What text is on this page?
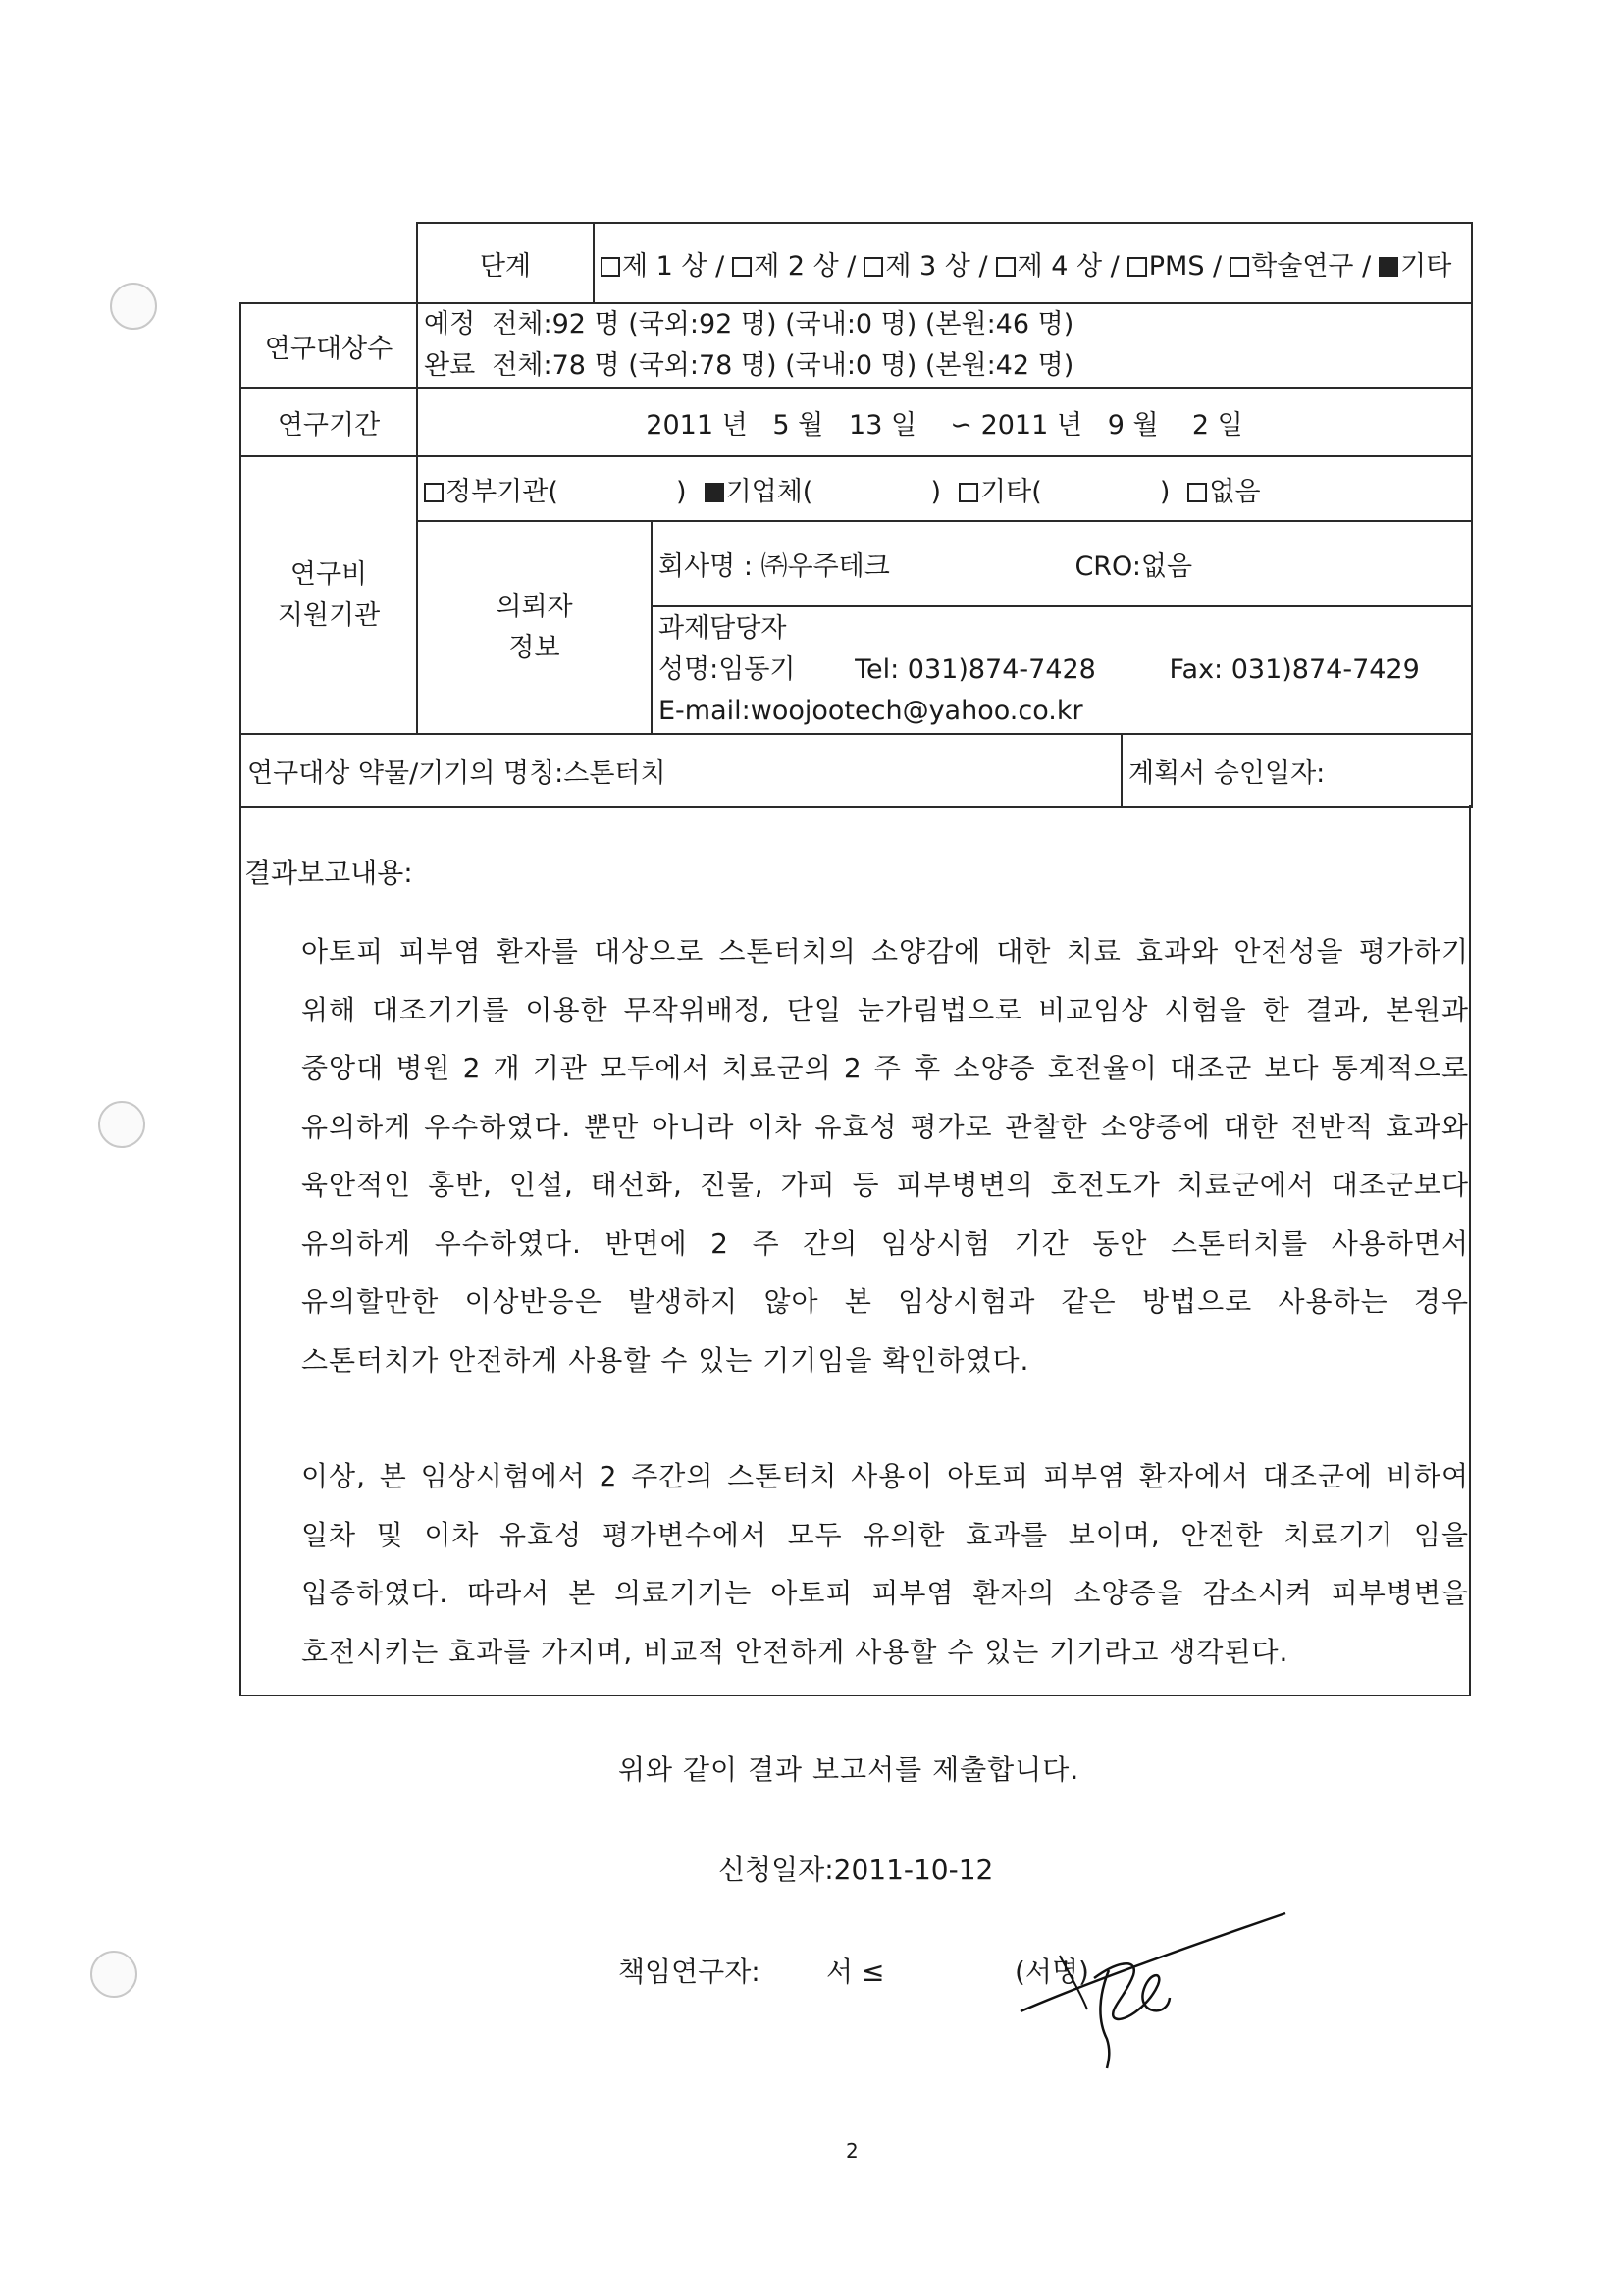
	단계	제 1 상 / 제 2 상 / 제 3 상 / 제 4 상 / PMS / 학술연구 / 기타		
연구대상수	예정  전체:92 명 (국외:92 명) (국내:0 명) (본원:46 명)
완료  전체:78 명 (국외:78 명) (국내:0 명) (본원:42 명)			

연구기간	2011 년   5 월   13 일    ∽ 2011 년   9 월    2 일			

연구비
지원기관	정부기관(              ) 기업체(              ) 기타(              ) 없음			

	의뢰자
정보		회사명 : ㈜우주테크 CRO:없음	

			과제담당자
성명:임동기 Tel: 031)874-7428 Fax: 031)874-7429
E-mail:woojootech@yahoo.co.kr	

연구대상 약물/기기의 명칭:스톤터치				계획서 승인일자:
결과보고내용:
아토피 피부염 환자를 대상으로 스톤터치의 소양감에 대한 치료 효과와 안전성을 평가하기
위해 대조기기를 이용한 무작위배정, 단일 눈가림법으로 비교임상 시험을 한 결과, 본원과
중앙대 병원 2 개 기관 모두에서 치료군의 2 주 후 소양증 호전율이 대조군 보다 통계적으로
유의하게 우수하였다. 뿐만 아니라 이차 유효성 평가로 관찰한 소양증에 대한 전반적 효과와
육안적인 홍반, 인설, 태선화, 진물, 가피 등 피부병변의 호전도가 치료군에서 대조군보다
유의하게 우수하였다. 반면에 2 주 간의 임상시험 기간 동안 스톤터치를 사용하면서
유의할만한 이상반응은 발생하지 않아 본 임상시험과 같은 방법으로 사용하는 경우
스톤터치가 안전하게 사용할 수 있는 기기임을 확인하였다.
이상, 본 임상시험에서 2 주간의 스톤터치 사용이 아토피 피부염 환자에서 대조군에 비하여
일차 및 이차 유효성 평가변수에서 모두 유의한 효과를 보이며, 안전한 치료기기 임을
입증하였다. 따라서 본 의료기기는 아토피 피부염 환자의 소양증을 감소시켜 피부병변을
호전시키는 효과를 가지며, 비교적 안전하게 사용할 수 있는 기기라고 생각된다.
위와 같이 결과 보고서를 제출합니다.
신청일자:2011-10-12
책임연구자: 서 ≤	(서명)
2
